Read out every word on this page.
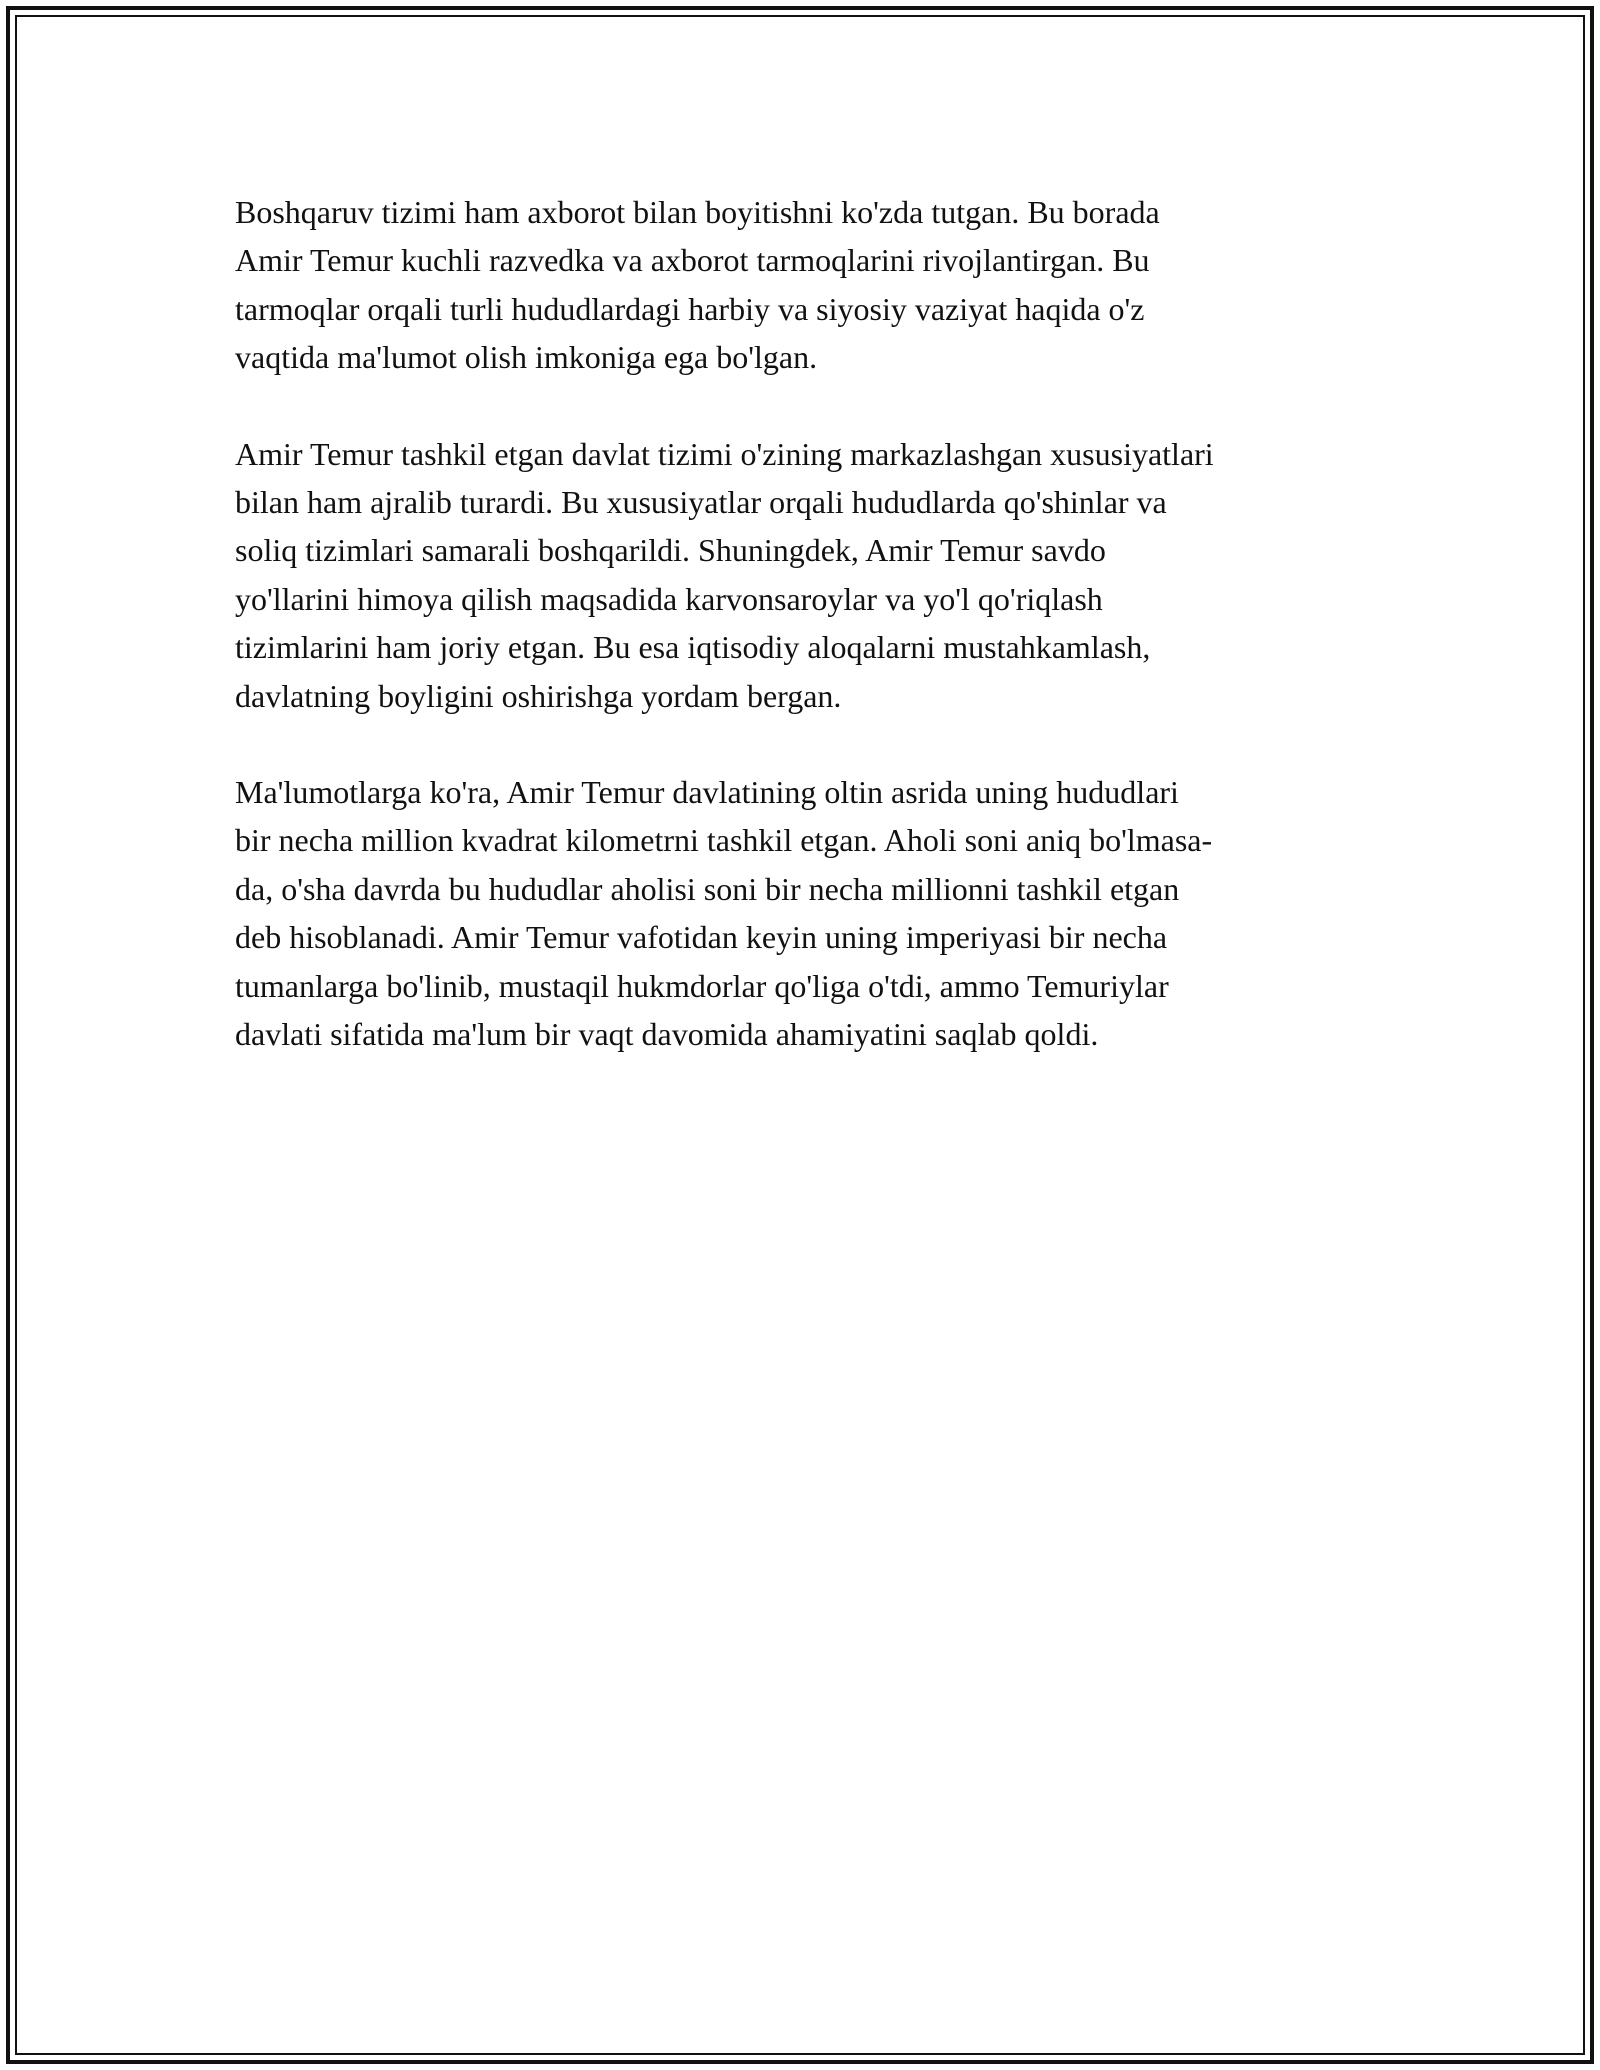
Boshqaruv tizimi ham axborot bilan boyitishni ko'zda tutgan. Bu borada
Amir Temur kuchli razvedka va axborot tarmoqlarini rivojlantirgan. Bu
tarmoqlar orqali turli hududlardagi harbiy va siyosiy vaziyat haqida o'z
vaqtida ma'lumot olish imkoniga ega bo'lgan.

Amir Temur tashkil etgan davlat tizimi o'zining markazlashgan xususiyatlari
bilan ham ajralib turardi. Bu xususiyatlar orqali hududlarda qo'shinlar va
soliq tizimlari samarali boshqarildi. Shuningdek, Amir Temur savdo
yo'llarini himoya qilish maqsadida karvonsaroylar va yo'l qo'riqlash
tizimlarini ham joriy etgan. Bu esa iqtisodiy aloqalarni mustahkamlash,
davlatning boyligini oshirishga yordam bergan.

Ma'lumotlarga ko'ra, Amir Temur davlatining oltin asrida uning hududlari
bir necha million kvadrat kilometrni tashkil etgan. Aholi soni aniq bo'lmasa-
da, o'sha davrda bu hududlar aholisi soni bir necha millionni tashkil etgan
deb hisoblanadi. Amir Temur vafotidan keyin uning imperiyasi bir necha
tumanlarga bo'linib, mustaqil hukmdorlar qo'liga o'tdi, ammo Temuriylar
davlati sifatida ma'lum bir vaqt davomida ahamiyatini saqlab qoldi.
